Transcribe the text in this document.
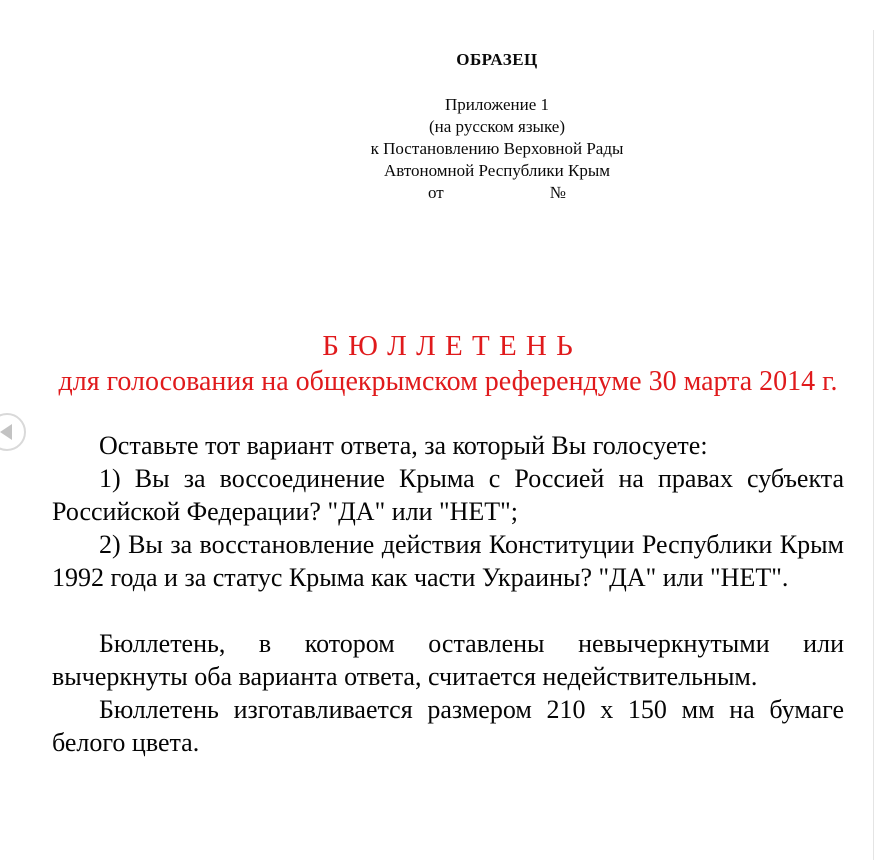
ОБРАЗЕЦ
Приложение 1
(на русском языке)
к Постановлению Верховной Рады
Автономной Республики Крым
от	№
Б Ю Л Л Е Т Е Н Ь
для голосования на общекрымском референдуме 30 марта 2014 г.

Оставьте тот вариант ответа, за который Вы голосуете:

1) Вы за воссоединение Крыма с Россией на правах субъекта Российской Федерации? "ДА" или "НЕТ";

2) Вы за восстановление действия Конституции Республики Крым 1992 года и за статус Крыма как части Украины? "ДА" или "НЕТ".

Бюллетень, в котором оставлены невычеркнутыми или вычеркнуты оба варианта ответа, считается недействительным.

Бюллетень изготавливается размером 210 х 150 мм на бумаге белого цвета.
